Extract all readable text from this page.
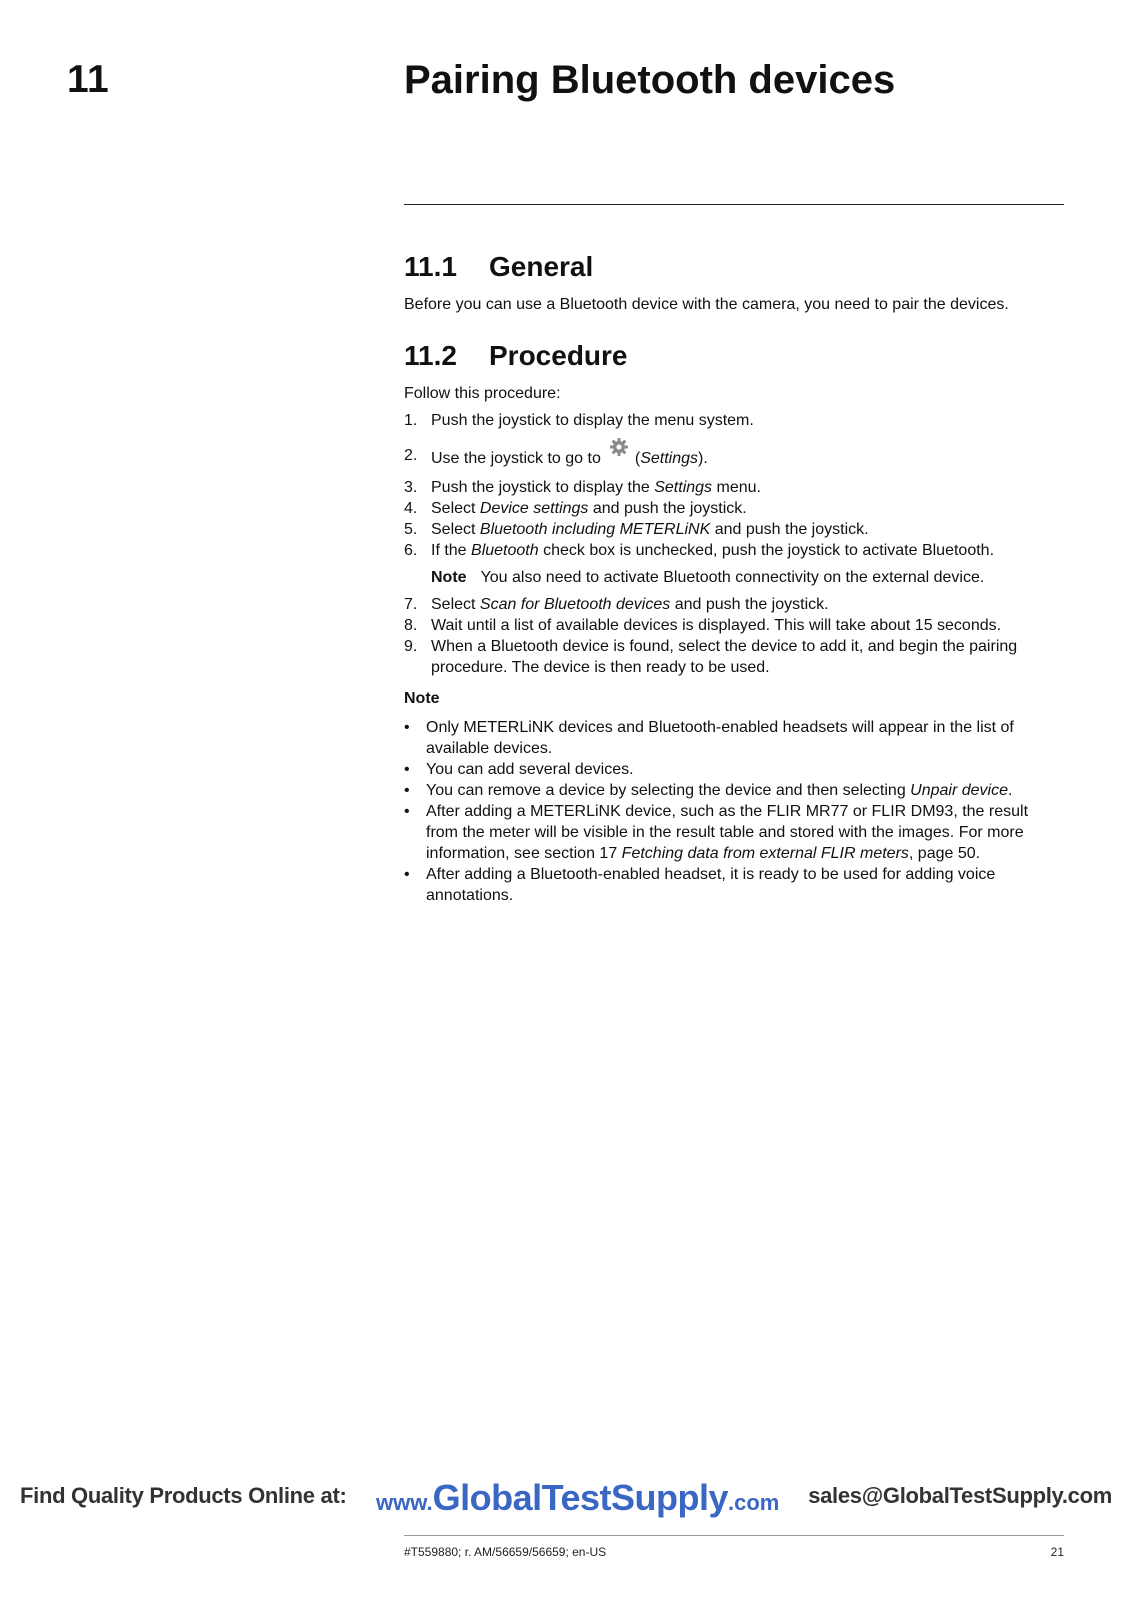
11	Pairing Bluetooth devices
11.1 General

Before you can use a Bluetooth device with the camera, you need to pair the devices.

11.2 Procedure

Follow this procedure:

1. Push the joystick to display the menu system.
2. Use the joystick to go to (Settings).
3. Push the joystick to display the Settings menu.
4. Select Device settings and push the joystick.
5. Select Bluetooth including METERLiNK and push the joystick.
6. If the Bluetooth check box is unchecked, push the joystick to activate Bluetooth.

Note You also need to activate Bluetooth connectivity on the external device.

7. Select Scan for Bluetooth devices and push the joystick.
8. Wait until a list of available devices is displayed. This will take about 15 seconds.
9. When a Bluetooth device is found, select the device to add it, and begin the pairing procedure. The device is then ready to be used.

Note

• Only METERLiNK devices and Bluetooth-enabled headsets will appear in the list of available devices.
• You can add several devices.
• You can remove a device by selecting the device and then selecting Unpair device.
• After adding a METERLiNK device, such as the FLIR MR77 or FLIR DM93, the result from the meter will be visible in the result table and stored with the images. For more information, see section 17 Fetching data from external FLIR meters, page 50.
• After adding a Bluetooth-enabled headset, it is ready to be used for adding voice annotations.
Find Quality Products Online at: www.GlobalTestSupply.com sales@GlobalTestSupply.com
#T559880; r. AM/56659/56659; en-US	21
